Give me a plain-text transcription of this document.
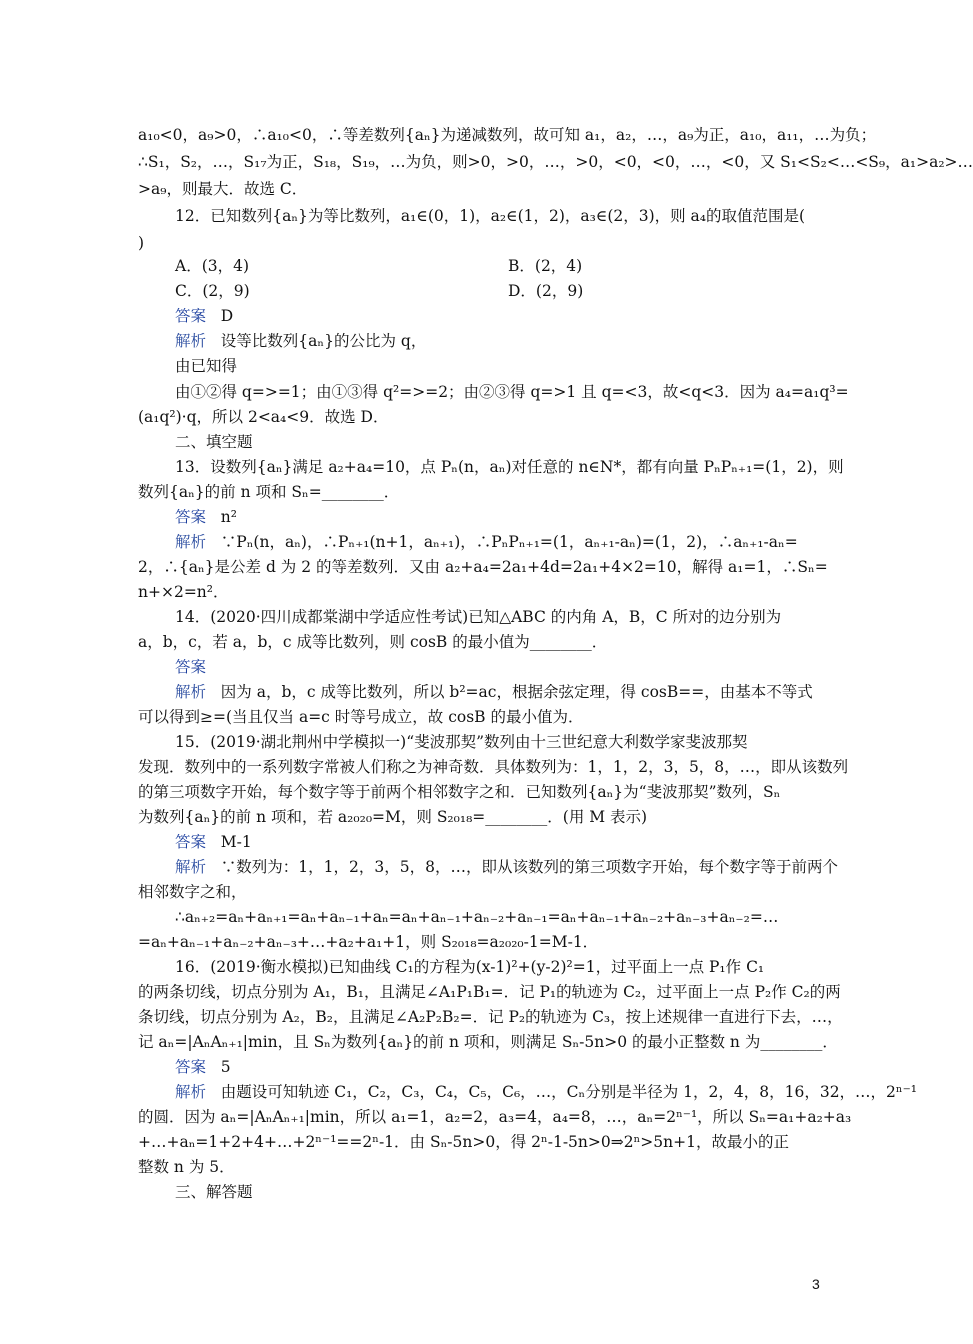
a₁₀<0，a₉>0，∴a₁₀<0，∴等差数列{aₙ}为递减数列，故可知 a₁，a₂，…，a₉为正，a₁₀，a₁₁，…为负；
∴S₁，S₂，…，S₁₇为正，S₁₈，S₁₉，…为负，则>0，>0，…，>0，<0，<0，…，<0，又 S₁<S₂<…<S₉，a₁>a₂>…
>a₉，则最大．故选 C．
12．已知数列{aₙ}为等比数列，a₁∈(0，1)，a₂∈(1，2)，a₃∈(2，3)，则 a₄的取值范围是(
)
A．(3，4)	B．(2，4)
C．(2，9)	D．(2，9)
答案 D
解析 设等比数列{aₙ}的公比为 q，
由已知得
由①②得 q=>=1；由①③得 q²=>=2；由②③得 q=>1 且 q=<3，故<q<3．因为 a₄=a₁q³=
(a₁q²)·q，所以 2<a₄<9．故选 D．
二、填空题
13．设数列{aₙ}满足 a₂+a₄=10，点 Pₙ(n，aₙ)对任意的 n∈N*，都有向量 PₙPₙ₊₁=(1，2)，则
数列{aₙ}的前 n 项和 Sₙ=________．
答案 n²
解析 ∵Pₙ(n，aₙ)，∴Pₙ₊₁(n+1，aₙ₊₁)，∴PₙPₙ₊₁=(1，aₙ₊₁-aₙ)=(1，2)，∴aₙ₊₁-aₙ=
2，∴{aₙ}是公差 d 为 2 的等差数列．又由 a₂+a₄=2a₁+4d=2a₁+4×2=10，解得 a₁=1，∴Sₙ=
n+×2=n²．
14．(2020·四川成都棠湖中学适应性考试)已知△ABC 的内角 A，B，C 所对的边分别为
a，b，c，若 a，b，c 成等比数列，则 cosB 的最小值为________．
答案
解析 因为 a，b，c 成等比数列，所以 b²=ac，根据余弦定理，得 cosB==，由基本不等式
可以得到≥=(当且仅当 a=c 时等号成立，故 cosB 的最小值为．
15．(2019·湖北荆州中学模拟一)“斐波那契”数列由十三世纪意大利数学家斐波那契
发现．数列中的一系列数字常被人们称之为神奇数．具体数列为：1，1，2，3，5，8，…，即从该数列
的第三项数字开始，每个数字等于前两个相邻数字之和．已知数列{aₙ}为“斐波那契”数列，Sₙ
为数列{aₙ}的前 n 项和，若 a₂₀₂₀=M，则 S₂₀₁₈=________．(用 M 表示)
答案 M-1
解析 ∵数列为：1，1，2，3，5，8，…，即从该数列的第三项数字开始，每个数字等于前两个
相邻数字之和，
∴aₙ₊₂=aₙ+aₙ₊₁=aₙ+aₙ₋₁+aₙ=aₙ+aₙ₋₁+aₙ₋₂+aₙ₋₁=aₙ+aₙ₋₁+aₙ₋₂+aₙ₋₃+aₙ₋₂=…
=aₙ+aₙ₋₁+aₙ₋₂+aₙ₋₃+…+a₂+a₁+1，则 S₂₀₁₈=a₂₀₂₀-1=M-1．
16．(2019·衡水模拟)已知曲线 C₁的方程为(x-1)²+(y-2)²=1，过平面上一点 P₁作 C₁
的两条切线，切点分别为 A₁，B₁，且满足∠A₁P₁B₁=．记 P₁的轨迹为 C₂，过平面上一点 P₂作 C₂的两
条切线，切点分别为 A₂，B₂，且满足∠A₂P₂B₂=．记 P₂的轨迹为 C₃，按上述规律一直进行下去，…，
记 aₙ=|AₙAₙ₊₁|min，且 Sₙ为数列{aₙ}的前 n 项和，则满足 Sₙ-5n>0 的最小正整数 n 为________．
答案 5
解析 由题设可知轨迹 C₁，C₂，C₃，C₄，C₅，C₆，…，Cₙ分别是半径为 1，2，4，8，16，32，…，2ⁿ⁻¹
的圆．因为 aₙ=|AₙAₙ₊₁|min，所以 a₁=1，a₂=2，a₃=4，a₄=8，…，aₙ=2ⁿ⁻¹，所以 Sₙ=a₁+a₂+a₃
+…+aₙ=1+2+4+…+2ⁿ⁻¹==2ⁿ-1．由 Sₙ-5n>0，得 2ⁿ-1-5n>0⇒2ⁿ>5n+1，故最小的正
整数 n 为 5．
三、解答题
3
